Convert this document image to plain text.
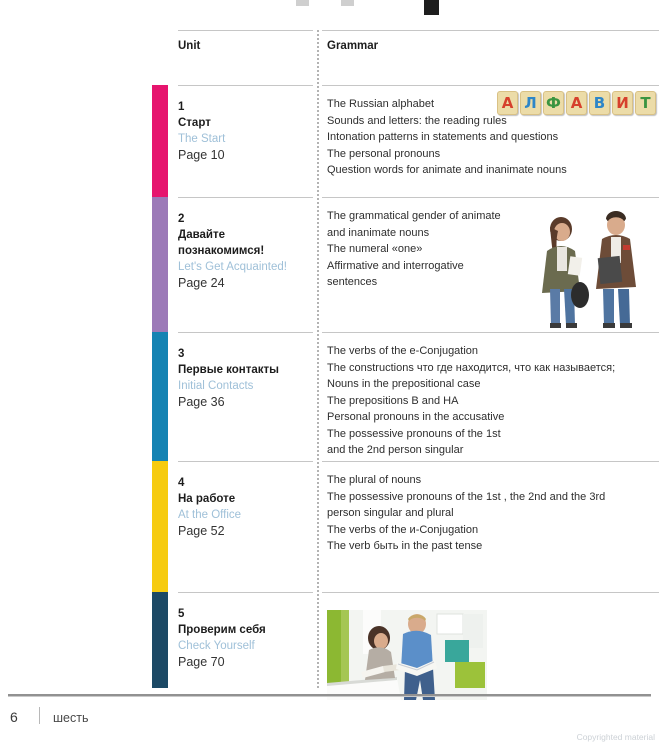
Unit	Grammar
1
Старт
The Start
Page 10
The Russian alphabet
Sounds and letters: the reading rules
Intonation patterns in statements and questions
The personal pronouns
Question words for animate and inanimate nouns
А Л Ф А В И Т
2
Давайте познакомимся!
Let's Get Acquainted!
Page 24
The grammatical gender of animate
and inanimate nouns
The numeral «one»
Affirmative and interrogative
sentences
3
Первые контакты
Initial Contacts
Page 36
The verbs of the e-Conjugation
The constructions что где находится, что как называется;
Nouns in the prepositional case
The prepositions В and НА
Personal pronouns in the accusative
The possessive pronouns of the 1st
and the 2nd person singular
4
На работе
At the Office
Page 52
The plural of nouns
The possessive pronouns of the 1st , the 2nd and the 3rd
person singular and plural
The verbs of the и-Conjugation
The verb быть in the past tense
5
Проверим себя
Check Yourself
Page 70
6	шесть
Copyrighted material
